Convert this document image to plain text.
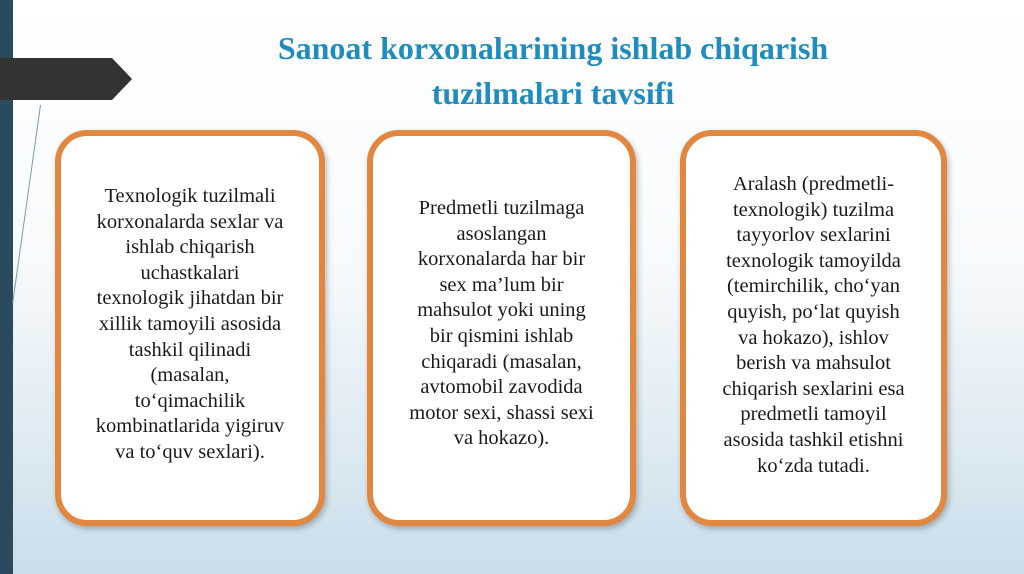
Sanoat korxonalarining ishlab chiqarish
tuzilmalari tavsifi
Texnologik tuzilmali
korxonalarda sexlar va
ishlab chiqarish
uchastkalari
texnologik jihatdan bir
xillik tamoyili asosida
tashkil qilinadi
(masalan,
to‘qimachilik
kombinatlarida yigiruv
va to‘quv sexlari).
Predmetli tuzilmaga
asoslangan
korxonalarda har bir
sex ma’lum bir
mahsulot yoki uning
bir qismini ishlab
chiqaradi (masalan,
avtomobil zavodida
motor sexi, shassi sexi
va hokazo).
Aralash (predmetli-
texnologik) tuzilma
tayyorlov sexlarini
texnologik tamoyilda
(temirchilik, cho‘yan
quyish, po‘lat quyish
va hokazo), ishlov
berish va mahsulot
chiqarish sexlarini esa
predmetli tamoyil
asosida tashkil etishni
ko‘zda tutadi.
